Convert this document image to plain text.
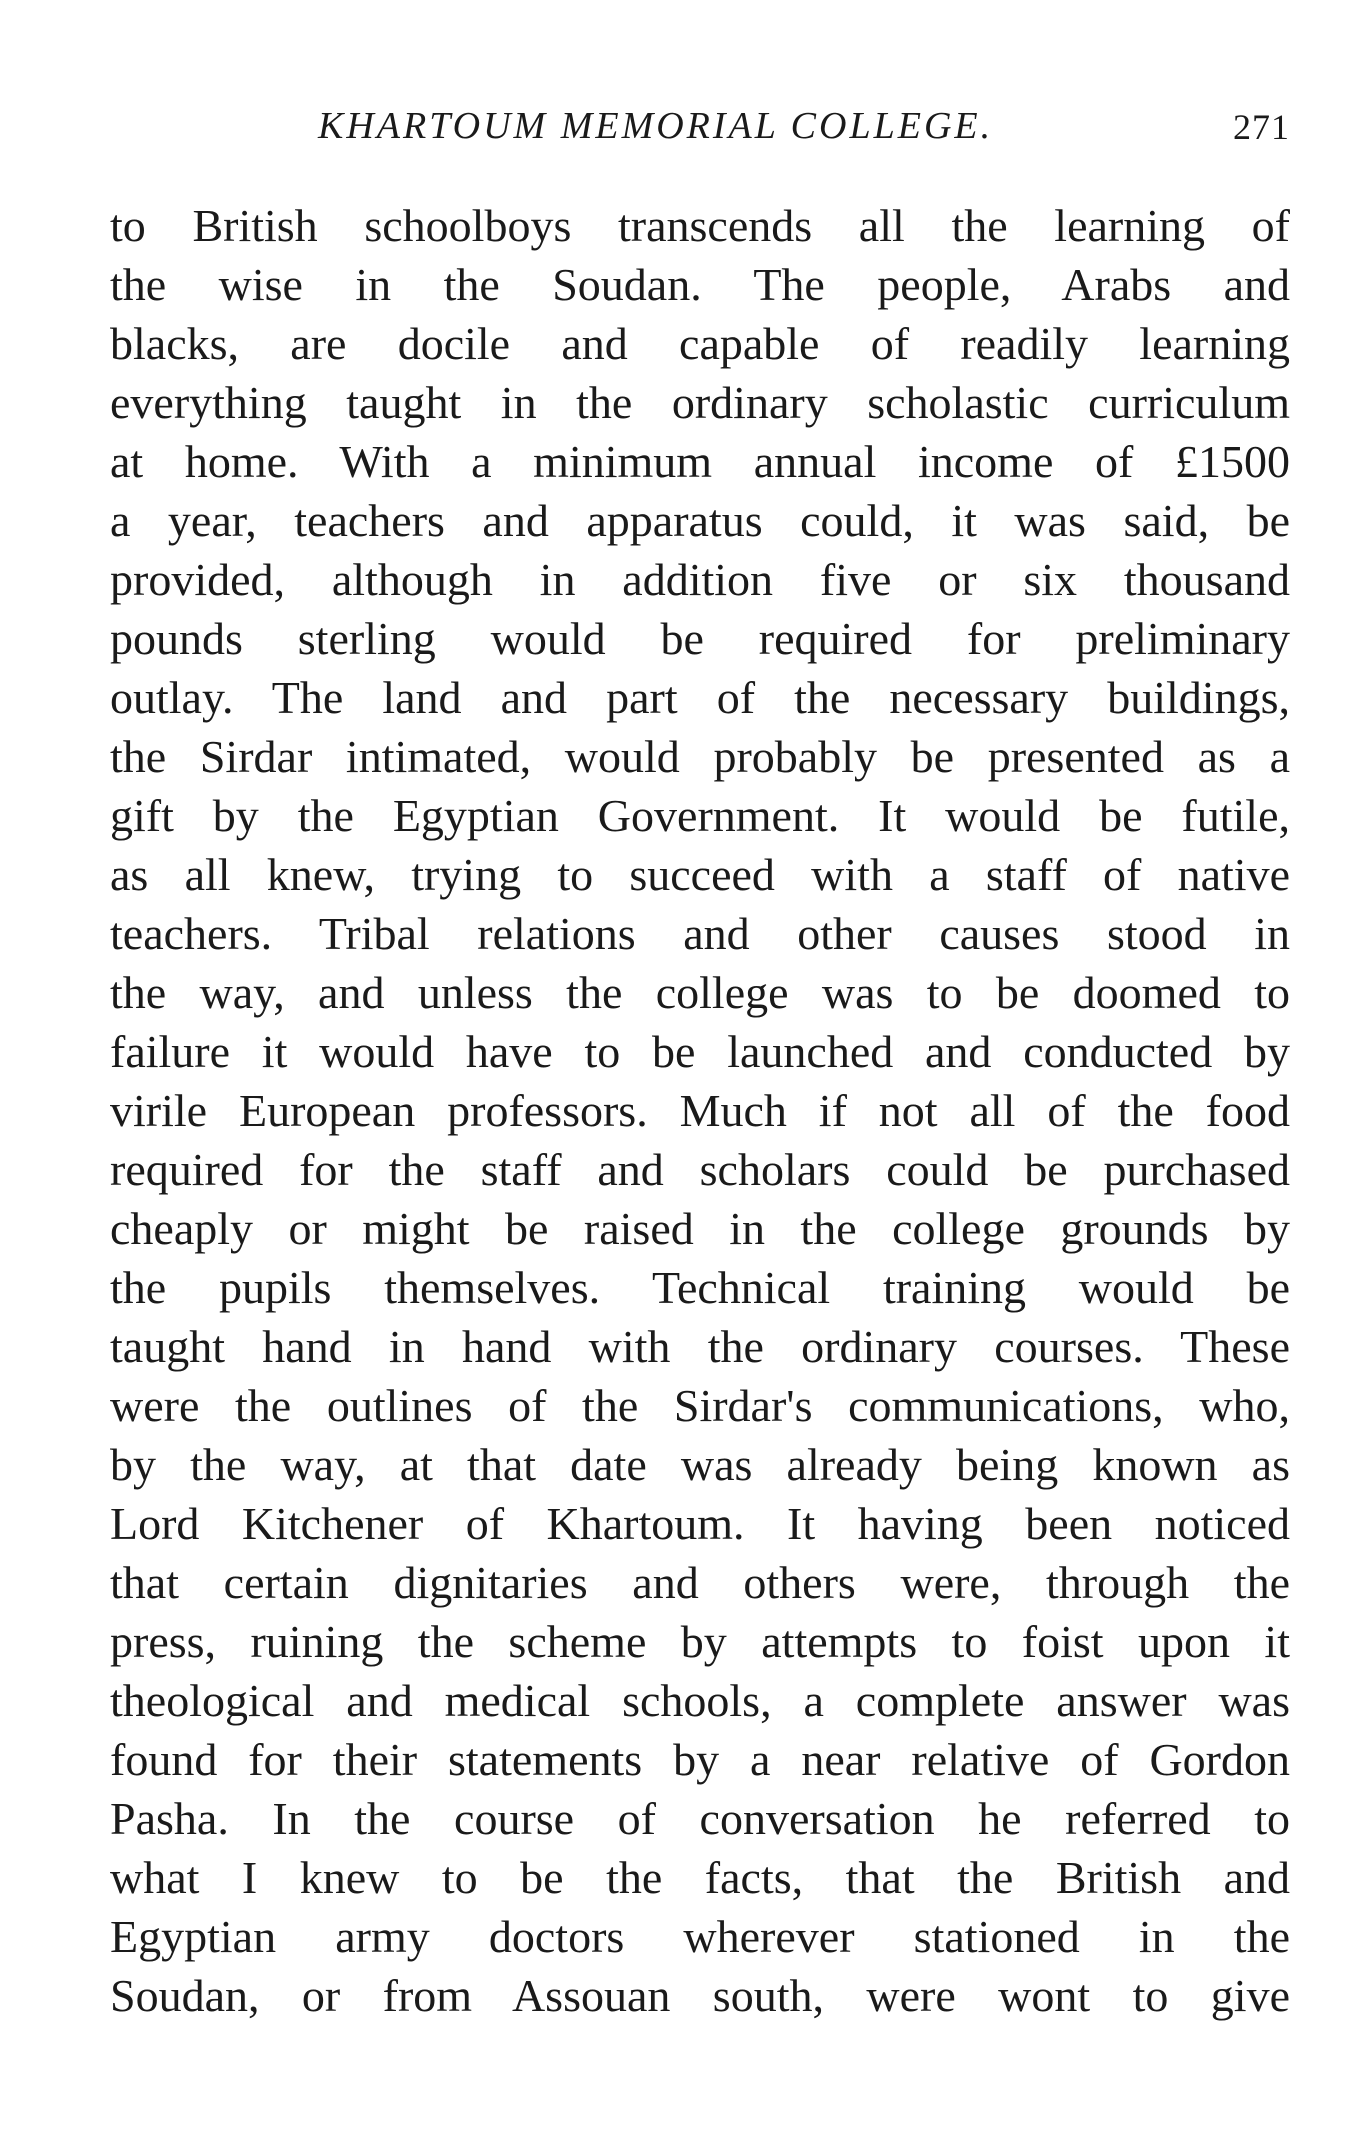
KHARTOUM MEMORIAL COLLEGE.	271
to British schoolboys transcends all the learning of
the wise in the Soudan. The people, Arabs and
blacks, are docile and capable of readily learning
everything taught in the ordinary scholastic curriculum
at home. With a minimum annual income of £1500
a year, teachers and apparatus could, it was said, be
provided, although in addition five or six thousand
pounds sterling would be required for preliminary
outlay. The land and part of the necessary buildings,
the Sirdar intimated, would probably be presented as a
gift by the Egyptian Government. It would be futile,
as all knew, trying to succeed with a staff of native
teachers. Tribal relations and other causes stood in
the way, and unless the college was to be doomed to
failure it would have to be launched and conducted by
virile European professors. Much if not all of the food
required for the staff and scholars could be purchased
cheaply or might be raised in the college grounds by
the pupils themselves. Technical training would be
taught hand in hand with the ordinary courses. These
were the outlines of the Sirdar's communications, who,
by the way, at that date was already being known as
Lord Kitchener of Khartoum. It having been noticed
that certain dignitaries and others were, through the
press, ruining the scheme by attempts to foist upon it
theological and medical schools, a complete answer was
found for their statements by a near relative of Gordon
Pasha. In the course of conversation he referred to
what I knew to be the facts, that the British and
Egyptian army doctors wherever stationed in the
Soudan, or from Assouan south, were wont to give
